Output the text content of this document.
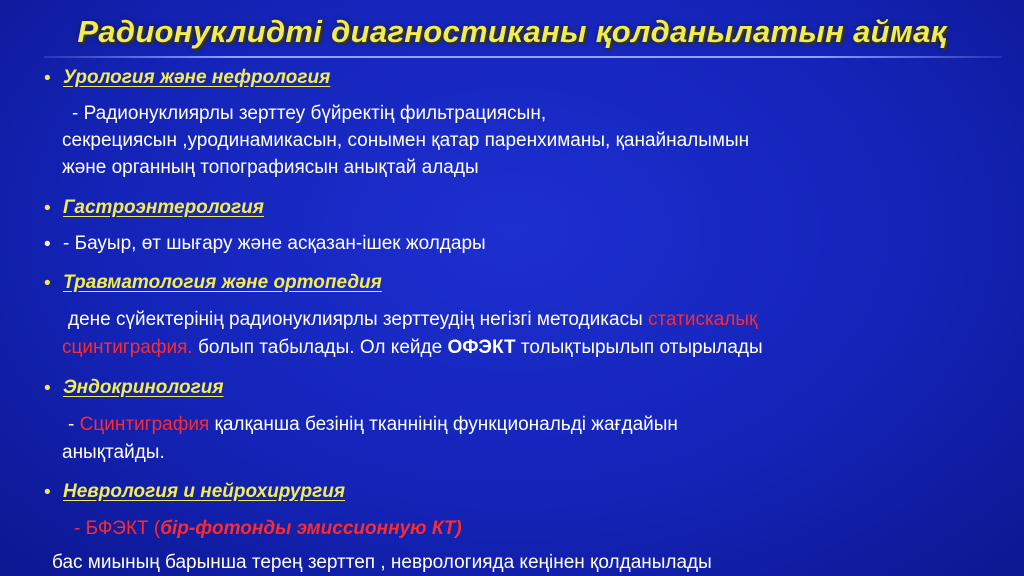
Радионуклидті диагностиканы қолданылатын аймақ
• Урология және нефрология
- Радионуклиярлы зерттеу бүйректің фильтрациясын,
секрециясын ,уродинамикасын, сонымен қатар паренхиманы, қанайналымын
және органның топографиясын анықтай алады
• Гастроэнтерология
• - Бауыр, өт шығару және асқазан-ішек жолдары
• Травматология және ортопедия
дене сүйектерінің радионуклиярлы зерттеудің негізгі методикасы статискалық
сцинтиграфия. болып табылады. Ол кейде ОФЭКТ толықтырылып отырылады
• Эндокринология
- Сцинтиграфия қалқанша безінің тканнінің функциональді жағдайын
анықтайды.
• Неврология и нейрохирургия
- БФЭКТ (бір-фотонды эмиссионную КТ)
бас миының барынша терең зерттеп , неврологияда кеңінен қолданылады
